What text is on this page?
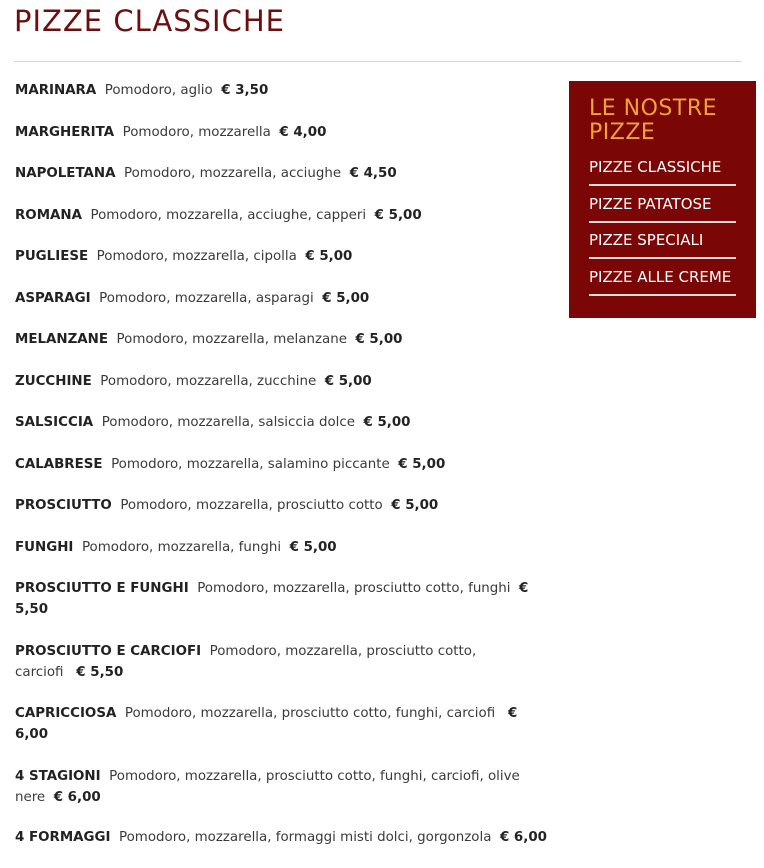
PIZZE CLASSICHE
MARINARA Pomodoro, aglio € 3,50
MARGHERITA Pomodoro, mozzarella € 4,00
NAPOLETANA Pomodoro, mozzarella, acciughe € 4,50
ROMANA Pomodoro, mozzarella, acciughe, capperi € 5,00
PUGLIESE Pomodoro, mozzarella, cipolla € 5,00
ASPARAGI Pomodoro, mozzarella, asparagi € 5,00
MELANZANE Pomodoro, mozzarella, melanzane € 5,00
ZUCCHINE Pomodoro, mozzarella, zucchine € 5,00
SALSICCIA Pomodoro, mozzarella, salsiccia dolce € 5,00
CALABRESE Pomodoro, mozzarella, salamino piccante € 5,00
PROSCIUTTO Pomodoro, mozzarella, prosciutto cotto € 5,00
FUNGHI Pomodoro, mozzarella, funghi € 5,00
PROSCIUTTO E FUNGHI Pomodoro, mozzarella, prosciutto cotto, funghi € 5,50
PROSCIUTTO E CARCIOFI Pomodoro, mozzarella, prosciutto cotto, carciofi € 5,50
CAPRICCIOSA Pomodoro, mozzarella, prosciutto cotto, funghi, carciofi € 6,00
4 STAGIONI Pomodoro, mozzarella, prosciutto cotto, funghi, carciofi, olive nere € 6,00
4 FORMAGGI Pomodoro, mozzarella, formaggi misti dolci, gorgonzola € 6,00
LE NOSTRE
PIZZE
PIZZE CLASSICHE
PIZZE PATATOSE
PIZZE SPECIALI
PIZZE ALLE CREME
